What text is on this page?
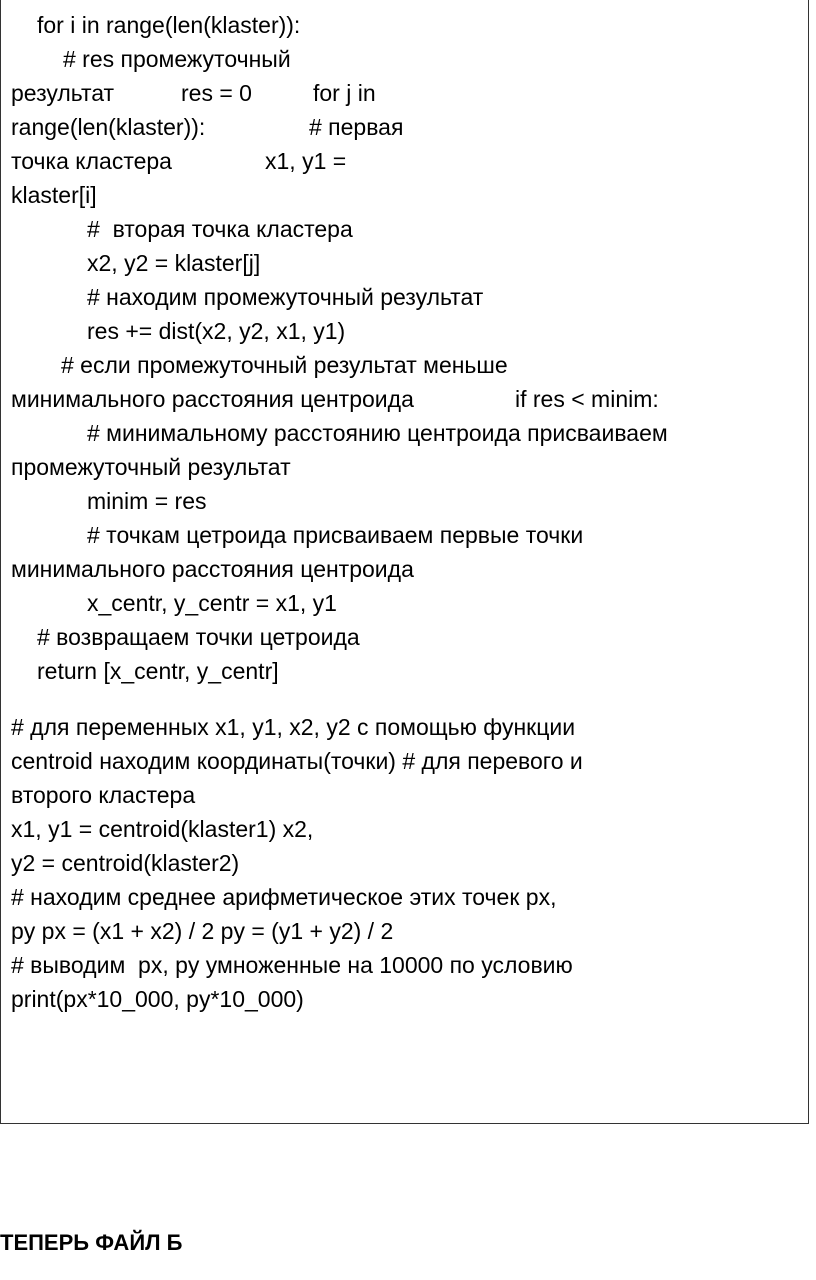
for i in range(len(klaster)):
# res промежуточный
результат	res = 0	for j in
range(len(klaster)):	# первая
точка кластера	x1, y1 =
klaster[i]
#  вторая точка кластера
x2, y2 = klaster[j]
# находим промежуточный результат
res += dist(x2, y2, x1, y1)
# если промежуточный результат меньше
минимального расстояния центроида	if res < minim:
# минимальному расстоянию центроида присваиваем
промежуточный результат
minim = res
# точкам цетроида присваиваем первые точки
минимального расстояния центроида
x_centr, y_centr = x1, y1
# возвращаем точки цетроида
return [x_centr, y_centr]
# для переменных x1, y1, x2, y2 с помощью функции
centroid находим координаты(точки) # для перевого и
второго кластера
x1, y1 = centroid(klaster1) x2,
y2 = centroid(klaster2)
# находим среднее арифметическое этих точек px,
py px = (x1 + x2) / 2 py = (y1 + y2) / 2
# выводим  px, py умноженные на 10000 по условию
print(px*10_000, py*10_000)
ТЕПЕРЬ ФАЙЛ Б
